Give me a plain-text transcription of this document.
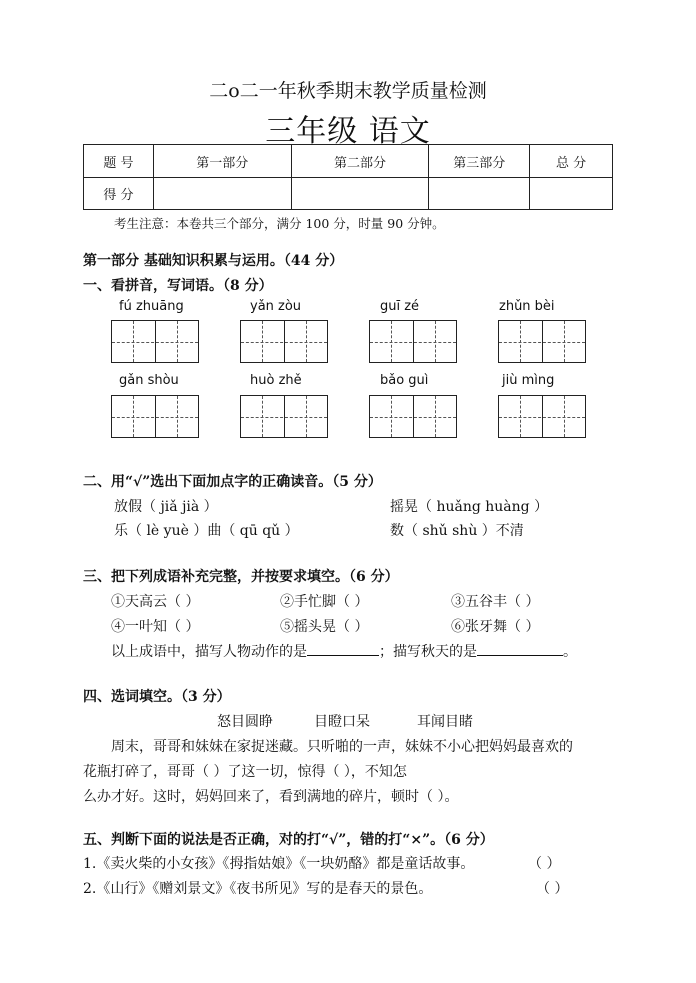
二o二一年秋季期末教学质量检测
三年级 语文
题 号	第一部分	第二部分	第三部分	总 分
得 分				
考生注意：本卷共三个部分，满分 100 分，时量 90 分钟。
第一部分 基础知识积累与运用。（44 分）
一、看拼音，写词语。（8 分）
fú zhuāng	yǎn zòu	guī zé	zhǔn bèi
gǎn shòu	huò zhě	bǎo guì	jiù mìng
二、用“√”选出下面加点字的正确读音。（5 分）
放假（ jiǎ jià ）	摇晃（ huǎng huàng ）
乐（ lè yuè ）曲（ qū qǔ ）	数（ shǔ shù ）不清
三、把下列成语补充完整，并按要求填空。（6 分）
①天高云（ ）	②手忙脚（ ）	③五谷丰（ ）
④一叶知（ ）	⑤摇头晃（ ）	⑥张牙舞（ ）
以上成语中，描写人物动作的是	；描写秋天的是	。
四、选词填空。（3 分）
怒目圆睁	目瞪口呆	耳闻目睹
周末，哥哥和妹妹在家捉迷藏。只听啪的一声，妹妹不小心把妈妈最喜欢的
花瓶打碎了，哥哥（ ）了这一切，惊得（ ），不知怎
么办才好。这时，妈妈回来了，看到满地的碎片，顿时（ ）。
五、判断下面的说法是否正确，对的打“√”，错的打“×”。（6 分）
1.《卖火柴的小女孩》《拇指姑娘》《一块奶酪》都是童话故事。	（ ）
2.《山行》《赠刘景文》《夜书所见》写的是春天的景色。	（ ）
